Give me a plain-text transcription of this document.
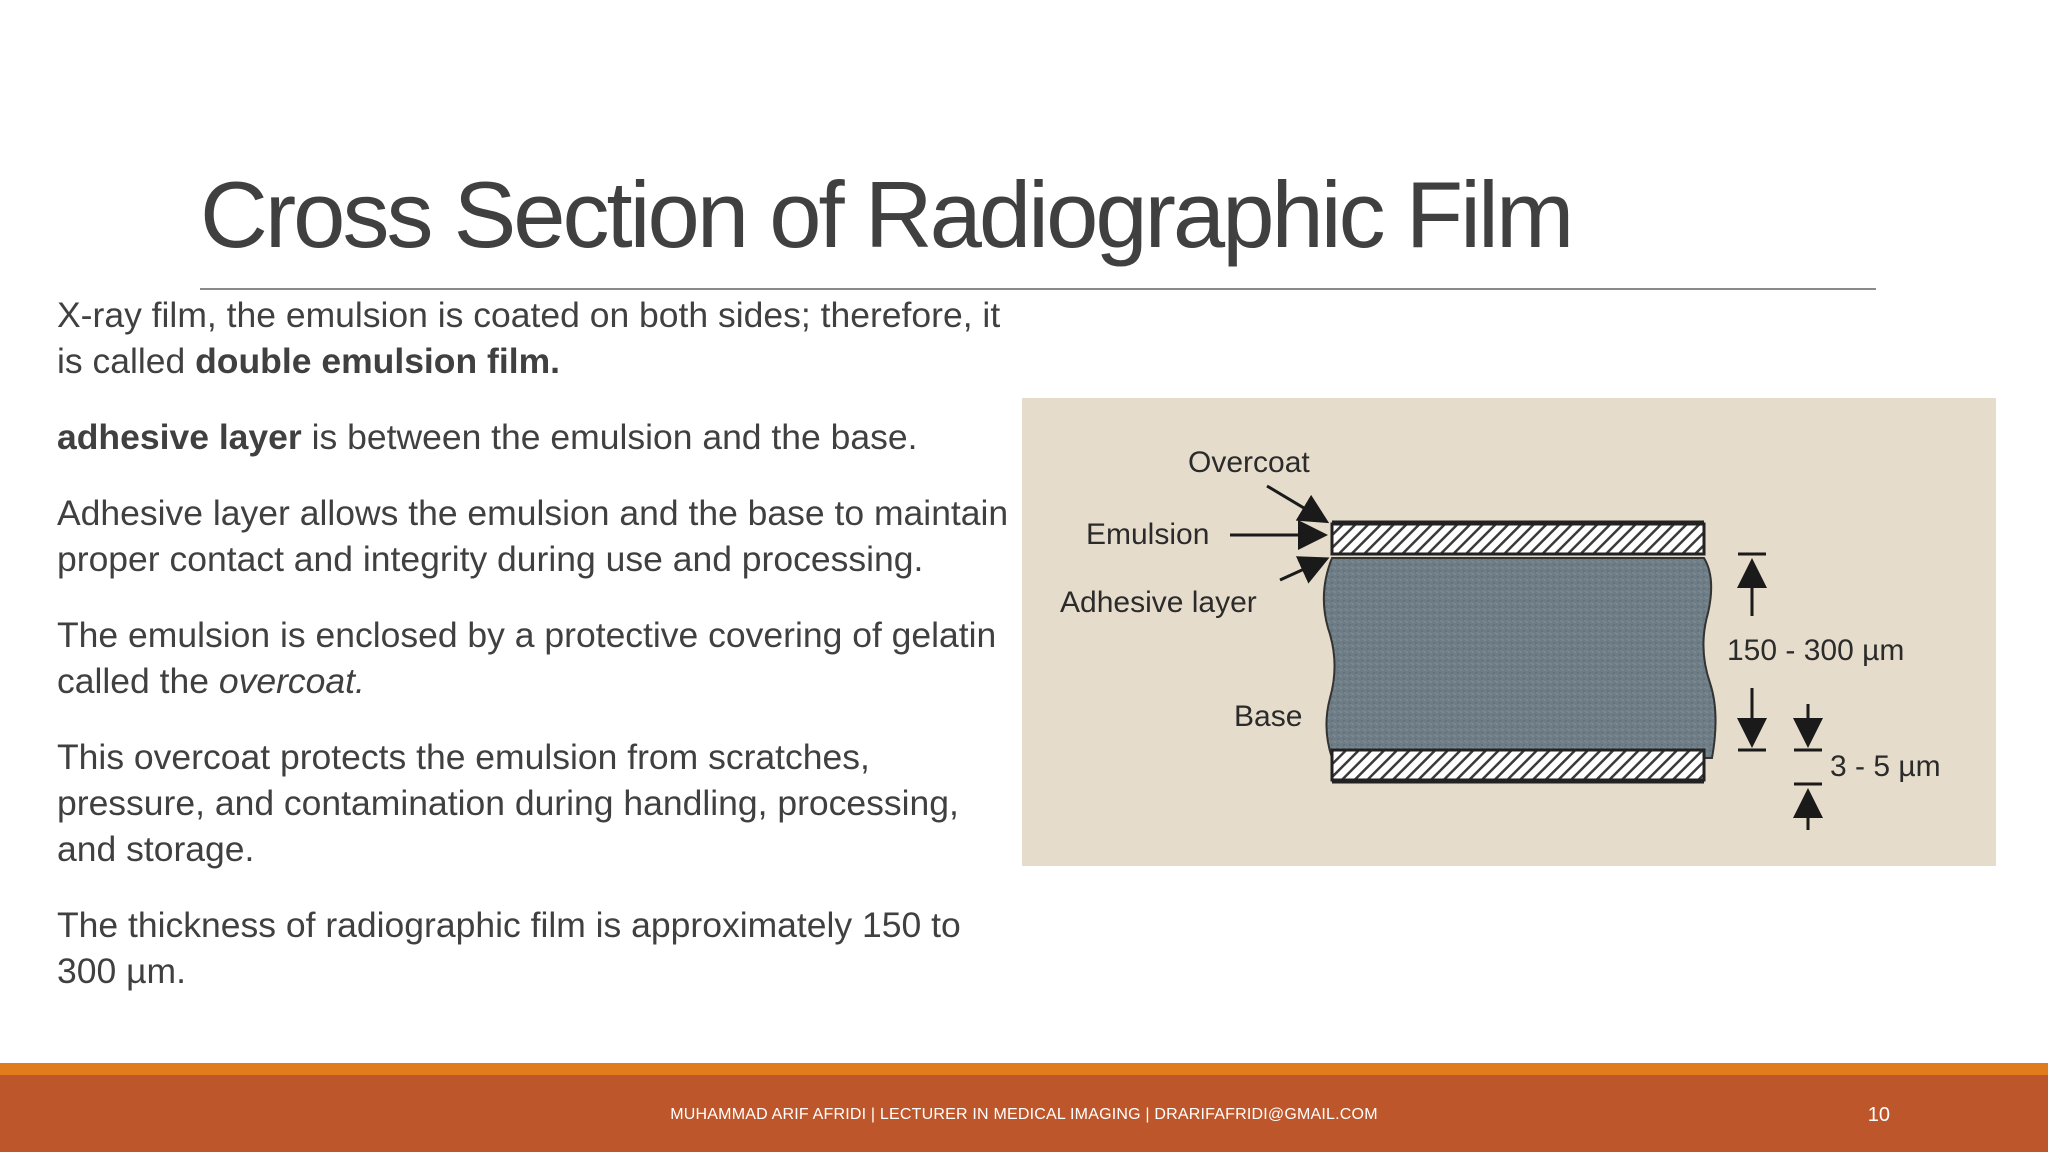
Cross Section of Radiographic Film

X-ray film, the emulsion is coated on both sides; therefore, it is called double emulsion film.

adhesive layer is between the emulsion and the base.

Adhesive layer allows the emulsion and the base to maintain proper contact and integrity during use and processing.

The emulsion is enclosed by a protective covering of gelatin called the overcoat.

This overcoat protects the emulsion from scratches, pressure, and contamination during handling, processing, and storage.

The thickness of radiographic film is approximately 150 to 300 µm.

Overcoat
Emulsion
Adhesive layer
Base
150 - 300 µm
3 - 5 µm
MUHAMMAD ARIF AFRIDI | LECTURER IN MEDICAL IMAGING | DRARIFAFRIDI@GMAIL.COM	10
